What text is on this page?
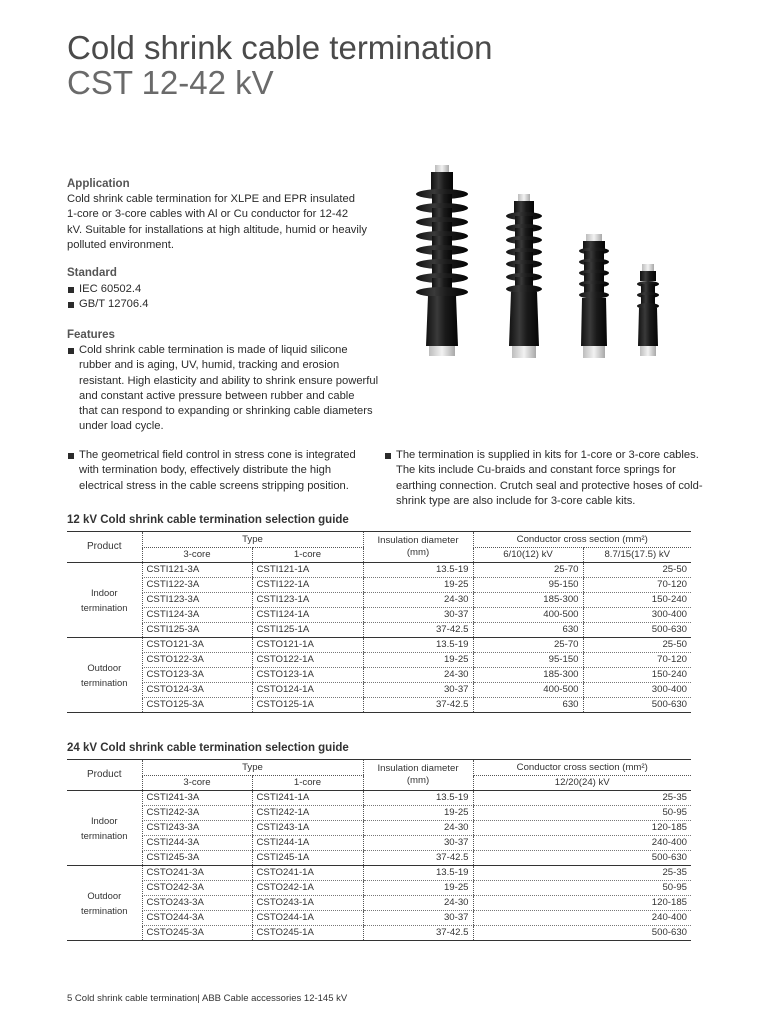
Cold shrink cable termination
CST 12-42 kV
Application
Cold shrink cable termination for XLPE and EPR insulated
1-core or 3-core cables with Al or Cu conductor for 12-42
kV. Suitable for installations at high altitude, humid or heavily
polluted environment.
Standard
IEC 60502.4
GB/T 12706.4
Features
Cold shrink cable termination is made of liquid silicone
rubber and is aging, UV, humid, tracking and erosion
resistant. High elasticity and ability to shrink ensure powerful
and constant active pressure between rubber and cable
that can respond to expanding or shrinking cable diameters
under load cycle.
The geometrical field control in stress cone is integrated
with termination body, effectively distribute the high
electrical stress in the cable screens stripping position.
The termination is supplied in kits for 1-core or 3-core cables.
The kits include Cu-braids and constant force springs for
earthing connection. Crutch seal and protective hoses of cold-
shrink type are also include for 3-core cable kits.
12 kV Cold shrink cable termination selection guide
Product	Type		Insulation diameter (mm)	Conductor cross section (mm²)	
	3-core	1-core		6/10(12) kV	8.7/15(17.5) kV
Indoor termination	CSTI121-3A	CSTI121-1A	13.5-19	25-70	25-50
	CSTI122-3A	CSTI122-1A	19-25	95-150	70-120
	CSTI123-3A	CSTI123-1A	24-30	185-300	150-240
	CSTI124-3A	CSTI124-1A	30-37	400-500	300-400
	CSTI125-3A	CSTI125-1A	37-42.5	630	500-630
Outdoor termination	CSTO121-3A	CSTO121-1A	13.5-19	25-70	25-50
	CSTO122-3A	CSTO122-1A	19-25	95-150	70-120
	CSTO123-3A	CSTO123-1A	24-30	185-300	150-240
	CSTO124-3A	CSTO124-1A	30-37	400-500	300-400
	CSTO125-3A	CSTO125-1A	37-42.5	630	500-630
24 kV Cold shrink cable termination selection guide
Product	Type		Insulation diameter (mm)	Conductor cross section (mm²)
	3-core	1-core		12/20(24) kV
Indoor termination	CSTI241-3A	CSTI241-1A	13.5-19	25-35
	CSTI242-3A	CSTI242-1A	19-25	50-95
	CSTI243-3A	CSTI243-1A	24-30	120-185
	CSTI244-3A	CSTI244-1A	30-37	240-400
	CSTI245-3A	CSTI245-1A	37-42.5	500-630
Outdoor termination	CSTO241-3A	CSTO241-1A	13.5-19	25-35
	CSTO242-3A	CSTO242-1A	19-25	50-95
	CSTO243-3A	CSTO243-1A	24-30	120-185
	CSTO244-3A	CSTO244-1A	30-37	240-400
	CSTO245-3A	CSTO245-1A	37-42.5	500-630
5 Cold shrink cable termination| ABB Cable accessories 12-145 kV
